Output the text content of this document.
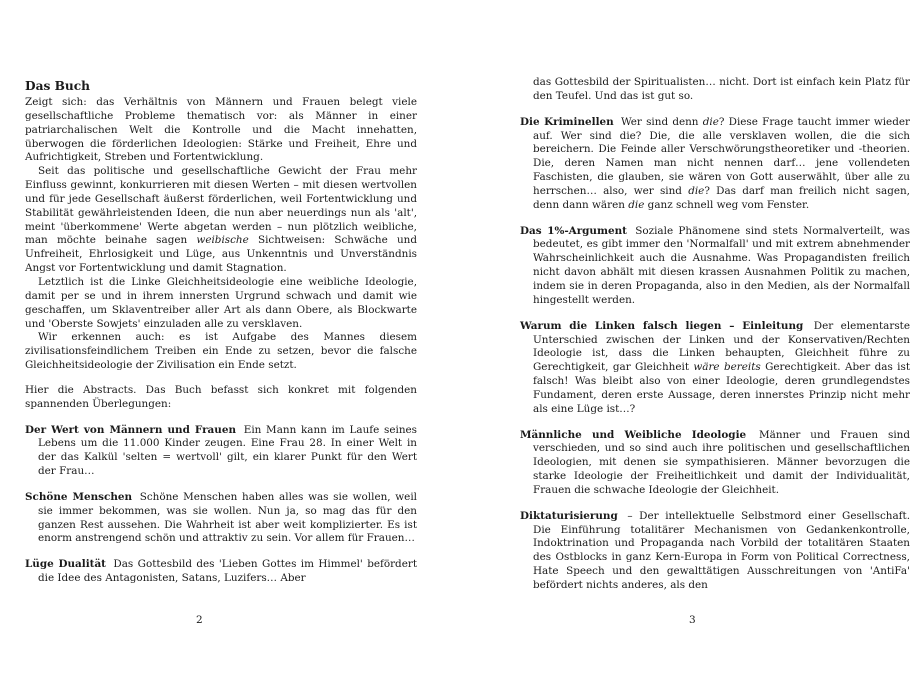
Das Buch

Zeigt sich: das Verhältnis von Männern und Frauen belegt viele gesellschaftliche Probleme thematisch vor: als Männer in einer patriarchalischen Welt die Kontrolle und die Macht innehatten, überwogen die förderlichen Ideologien: Stärke und Freiheit, Ehre und Aufrichtigkeit, Streben und Fortentwicklung.

Seit das politische und gesellschaftliche Gewicht der Frau mehr Einfluss gewinnt, konkurrieren mit diesen Werten – mit diesen wertvollen und für jede Gesellschaft äußerst förderlichen, weil Fortentwicklung und Stabilität gewährleistenden Ideen, die nun aber neuerdings nun als 'alt', meint 'überkommene' Werte abgetan werden – nun plötzlich weibliche, man möchte beinahe sagen weibische Sichtweisen: Schwäche und Unfreiheit, Ehrlosigkeit und Lüge, aus Unkenntnis und Unverständnis Angst vor Fortentwicklung und damit Stagnation.

Letztlich ist die Linke Gleichheitsideologie eine weibliche Ideologie, damit per se und in ihrem innersten Urgrund schwach und damit wie geschaffen, um Sklaventreiber aller Art als dann Obere, als Blockwarte und 'Oberste Sowjets' einzuladen alle zu versklaven.

Wir erkennen auch: es ist Aufgabe des Mannes diesem zivilisationsfeindlichem Treiben ein Ende zu setzen, bevor die falsche Gleichheitsideologie der Zivilisation ein Ende setzt.

Hier die Abstracts. Das Buch befasst sich konkret mit folgenden spannenden Überlegungen:

Der Wert von Männern und Frauen Ein Mann kann im Laufe seines Lebens um die 11.000 Kinder zeugen. Eine Frau 28. In einer Welt in der das Kalkül 'selten = wertvoll' gilt, ein klarer Punkt für den Wert der Frau…
Schöne Menschen Schöne Menschen haben alles was sie wollen, weil sie immer bekommen, was sie wollen. Nun ja, so mag das für den ganzen Rest aussehen. Die Wahrheit ist aber weit komplizierter. Es ist enorm anstrengend schön und attraktiv zu sein. Vor allem für Frauen…
Lüge Dualität Das Gottesbild des 'Lieben Gottes im Himmel' befördert die Idee des Antagonisten, Satans, Luzifers… Aber
2
das Gottesbild der Spiritualisten… nicht. Dort ist einfach kein Platz für den Teufel. Und das ist gut so.
Die Kriminellen Wer sind denn die? Diese Frage taucht immer wieder auf. Wer sind die? Die, die alle versklaven wollen, die die sich bereichern. Die Feinde aller Verschwörungstheoretiker und -theorien. Die, deren Namen man nicht nennen darf… jene vollendeten Faschisten, die glauben, sie wären von Gott auserwählt, über alle zu herrschen… also, wer sind die? Das darf man freilich nicht sagen, denn dann wären die ganz schnell weg vom Fenster.
Das 1%-Argument Soziale Phänomene sind stets Normalverteilt, was bedeutet, es gibt immer den 'Normalfall' und mit extrem abnehmender Wahrscheinlichkeit auch die Ausnahme. Was Propagandisten freilich nicht davon abhält mit diesen krassen Ausnahmen Politik zu machen, indem sie in deren Propaganda, also in den Medien, als der Normalfall hingestellt werden.
Warum die Linken falsch liegen – Einleitung Der elementarste Unterschied zwischen der Linken und der Konservativen/Rechten Ideologie ist, dass die Linken behaupten, Gleichheit führe zu Gerechtigkeit, gar Gleichheit wäre bereits Gerechtigkeit. Aber das ist falsch! Was bleibt also von einer Ideologie, deren grundlegendstes Fundament, deren erste Aussage, deren innerstes Prinzip nicht mehr als eine Lüge ist…?
Männliche und Weibliche Ideologie Männer und Frauen sind verschieden, und so sind auch ihre politischen und gesellschaftlichen Ideologien, mit denen sie sympathisieren. Männer bevorzugen die starke Ideologie der Freiheitlichkeit und damit der Individualität, Frauen die schwache Ideologie der Gleichheit.
Diktaturisierung – Der intellektuelle Selbstmord einer Gesellschaft. Die Einführung totalitärer Mechanismen von Gedankenkontrolle, Indoktrination und Propaganda nach Vorbild der totalitären Staaten des Ostblocks in ganz Kern-Europa in Form von Political Correctness, Hate Speech und den gewalttätigen Ausschreitungen von 'AntiFa' befördert nichts anderes, als den
3
